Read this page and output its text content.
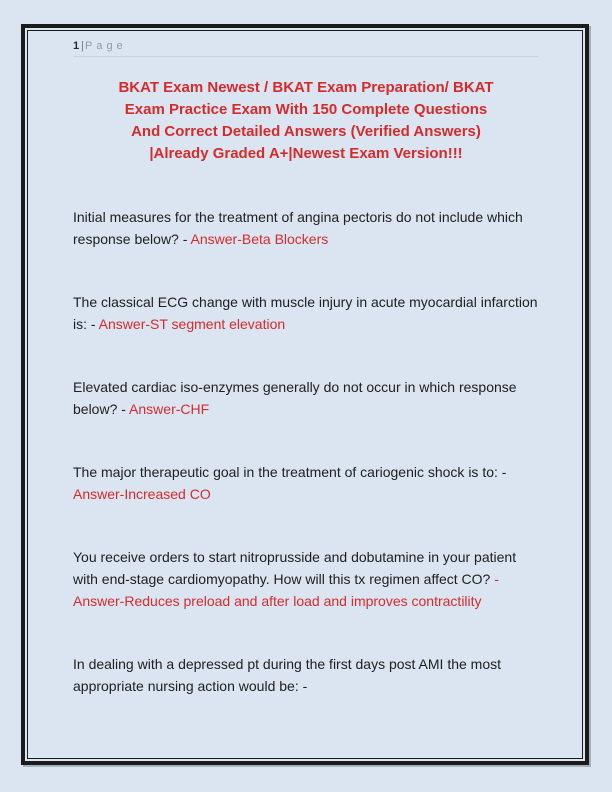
1 |Page
BKAT Exam Newest / BKAT Exam Preparation/ BKAT
Exam Practice Exam With 150 Complete Questions
And Correct Detailed Answers (Verified Answers)
|Already Graded A+|Newest Exam Version!!!

Initial measures for the treatment of angina pectoris do not include which response below? - Answer-Beta Blockers

The classical ECG change with muscle injury in acute myocardial infarction is: - Answer-ST segment elevation

Elevated cardiac iso-enzymes generally do not occur in which response below? - Answer-CHF

The major therapeutic goal in the treatment of cariogenic shock is to: - Answer-Increased CO

You receive orders to start nitroprusside and dobutamine in your patient with end-stage cardiomyopathy. How will this tx regimen affect CO? - Answer-Reduces preload and after load and improves contractility

In dealing with a depressed pt during the first days post AMI the most appropriate nursing action would be: -
